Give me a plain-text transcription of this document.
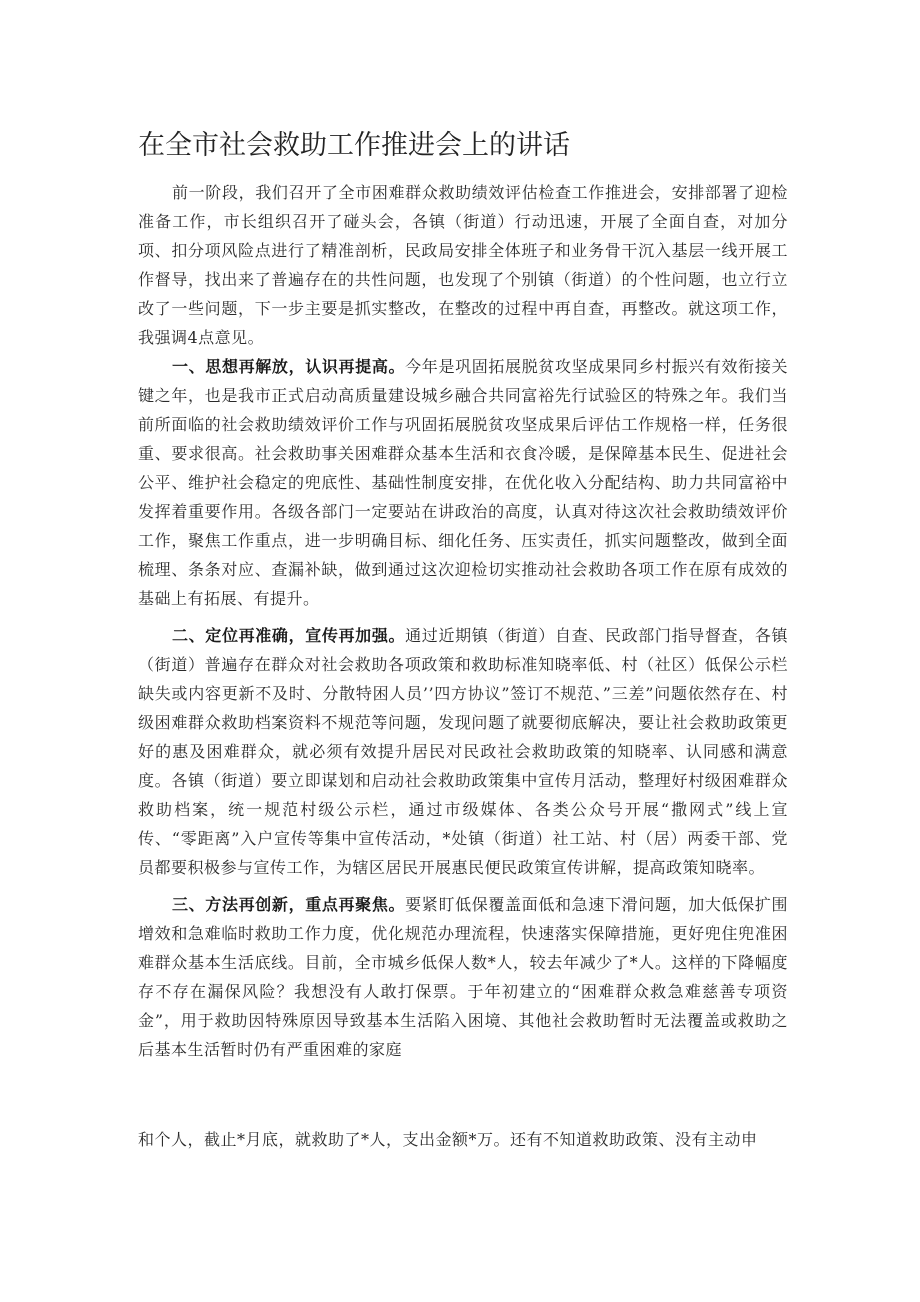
在全市社会救助工作推进会上的讲话

前一阶段，我们召开了全市困难群众救助绩效评估检查工作推进会，安排部署了迎检准备工作，市长组织召开了碰头会，各镇（街道）行动迅速，开展了全面自查，对加分项、扣分项风险点进行了精准剖析，民政局安排全体班子和业务骨干沉入基层一线开展工作督导，找出来了普遍存在的共性问题，也发现了个别镇（街道）的个性问题，也立行立改了一些问题，下一步主要是抓实整改，在整改的过程中再自查，再整改。就这项工作，我强调4点意见。

一、思想再解放，认识再提高。今年是巩固拓展脱贫攻坚成果同乡村振兴有效衔接关键之年，也是我市正式启动高质量建设城乡融合共同富裕先行试验区的特殊之年。我们当前所面临的社会救助绩效评价工作与巩固拓展脱贫攻坚成果后评估工作规格一样，任务很重、要求很高。社会救助事关困难群众基本生活和衣食冷暖，是保障基本民生、促进社会公平、维护社会稳定的兜底性、基础性制度安排，在优化收入分配结构、助力共同富裕中发挥着重要作用。各级各部门一定要站在讲政治的高度，认真对待这次社会救助绩效评价工作，聚焦工作重点，进一步明确目标、细化任务、压实责任，抓实问题整改，做到全面梳理、条条对应、查漏补缺，做到通过这次迎检切实推动社会救助各项工作在原有成效的基础上有拓展、有提升。

二、定位再准确，宣传再加强。通过近期镇（街道）自查、民政部门指导督查，各镇（街道）普遍存在群众对社会救助各项政策和救助标准知晓率低、村（社区）低保公示栏缺失或内容更新不及时、分散特困人员’’四方协议”签订不规范、”三差”问题依然存在、村级困难群众救助档案资料不规范等问题，发现问题了就要彻底解决，要让社会救助政策更好的惠及困难群众，就必须有效提升居民对民政社会救助政策的知晓率、认同感和满意度。各镇（街道）要立即谋划和启动社会救助政策集中宣传月活动，整理好村级困难群众救助档案，统一规范村级公示栏，通过市级媒体、各类公众号开展“撒网式”线上宣传、“零距离”入户宣传等集中宣传活动，*处镇（街道）社工站、村（居）两委干部、党员都要积极参与宣传工作，为辖区居民开展惠民便民政策宣传讲解，提高政策知晓率。

三、方法再创新，重点再聚焦。要紧盯低保覆盖面低和急速下滑问题，加大低保扩围增效和急难临时救助工作力度，优化规范办理流程，快速落实保障措施，更好兜住兜准困难群众基本生活底线。目前，全市城乡低保人数*人，较去年减少了*人。这样的下降幅度存不存在漏保风险？我想没有人敢打保票。于年初建立的“困难群众救急难慈善专项资金”，用于救助因特殊原因导致基本生活陷入困境、其他社会救助暂时无法覆盖或救助之后基本生活暂时仍有严重困难的家庭

和个人，截止*月底，就救助了*人，支出金额*万。还有不知道救助政策、没有主动申
